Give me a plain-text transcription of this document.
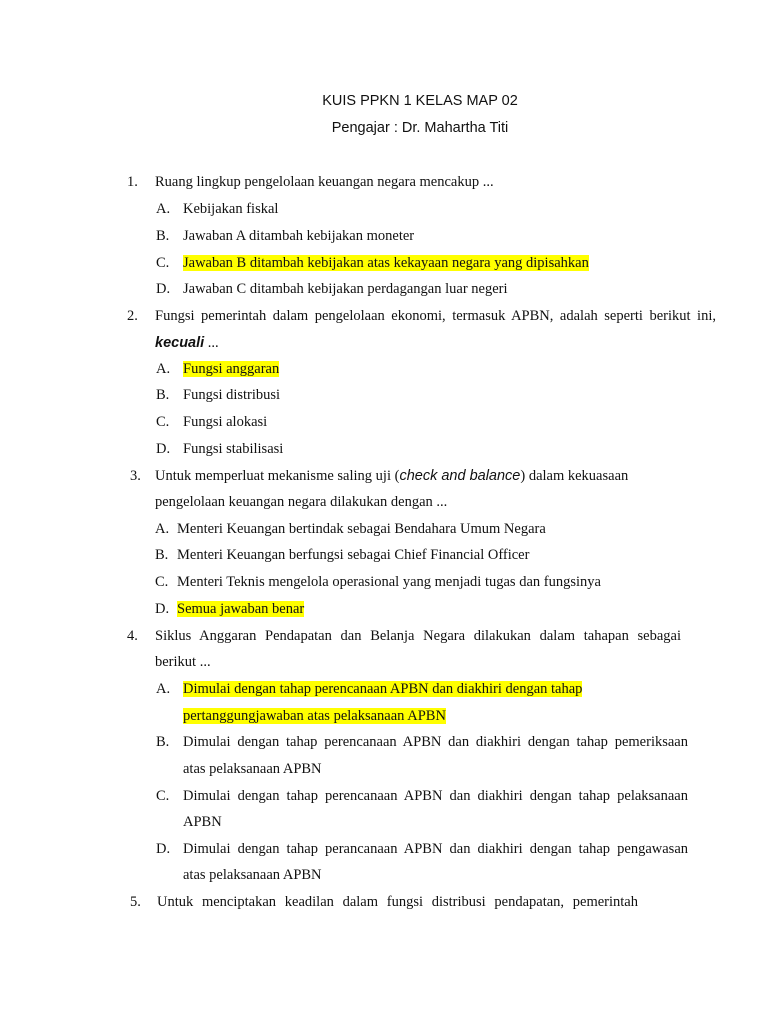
KUIS PPKN 1 KELAS MAP 02
Pengajar : Dr. Mahartha Titi
1. Ruang lingkup pengelolaan keuangan negara mencakup ...
A. Kebijakan fiskal
B. Jawaban A ditambah kebijakan moneter
C. Jawaban B ditambah kebijakan atas kekayaan negara yang dipisahkan
D. Jawaban C ditambah kebijakan perdagangan luar negeri
2. Fungsi pemerintah dalam pengelolaan ekonomi, termasuk APBN, adalah seperti berikut ini,
kecuali ...
A. Fungsi anggaran
B. Fungsi distribusi
C. Fungsi alokasi
D. Fungsi stabilisasi
3. Untuk memperluat mekanisme saling uji (check and balance) dalam kekuasaan
pengelolaan keuangan negara dilakukan dengan ...
A. Menteri Keuangan bertindak sebagai Bendahara Umum Negara
B. Menteri Keuangan berfungsi sebagai Chief Financial Officer
C. Menteri Teknis mengelola operasional yang menjadi tugas dan fungsinya
D. Semua jawaban benar
4. Siklus Anggaran Pendapatan dan Belanja Negara dilakukan dalam tahapan sebagai
berikut ...
A. Dimulai dengan tahap perencanaan APBN dan diakhiri dengan tahap
pertanggungjawaban atas pelaksanaan APBN
B. Dimulai dengan tahap perencanaan APBN dan diakhiri dengan tahap pemeriksaan
atas pelaksanaan APBN
C. Dimulai dengan tahap perencanaan APBN dan diakhiri dengan tahap pelaksanaan
APBN
D. Dimulai dengan tahap perancanaan APBN dan diakhiri dengan tahap pengawasan
atas pelaksanaan APBN
5. Untuk menciptakan keadilan dalam fungsi distribusi pendapatan, pemerintah
